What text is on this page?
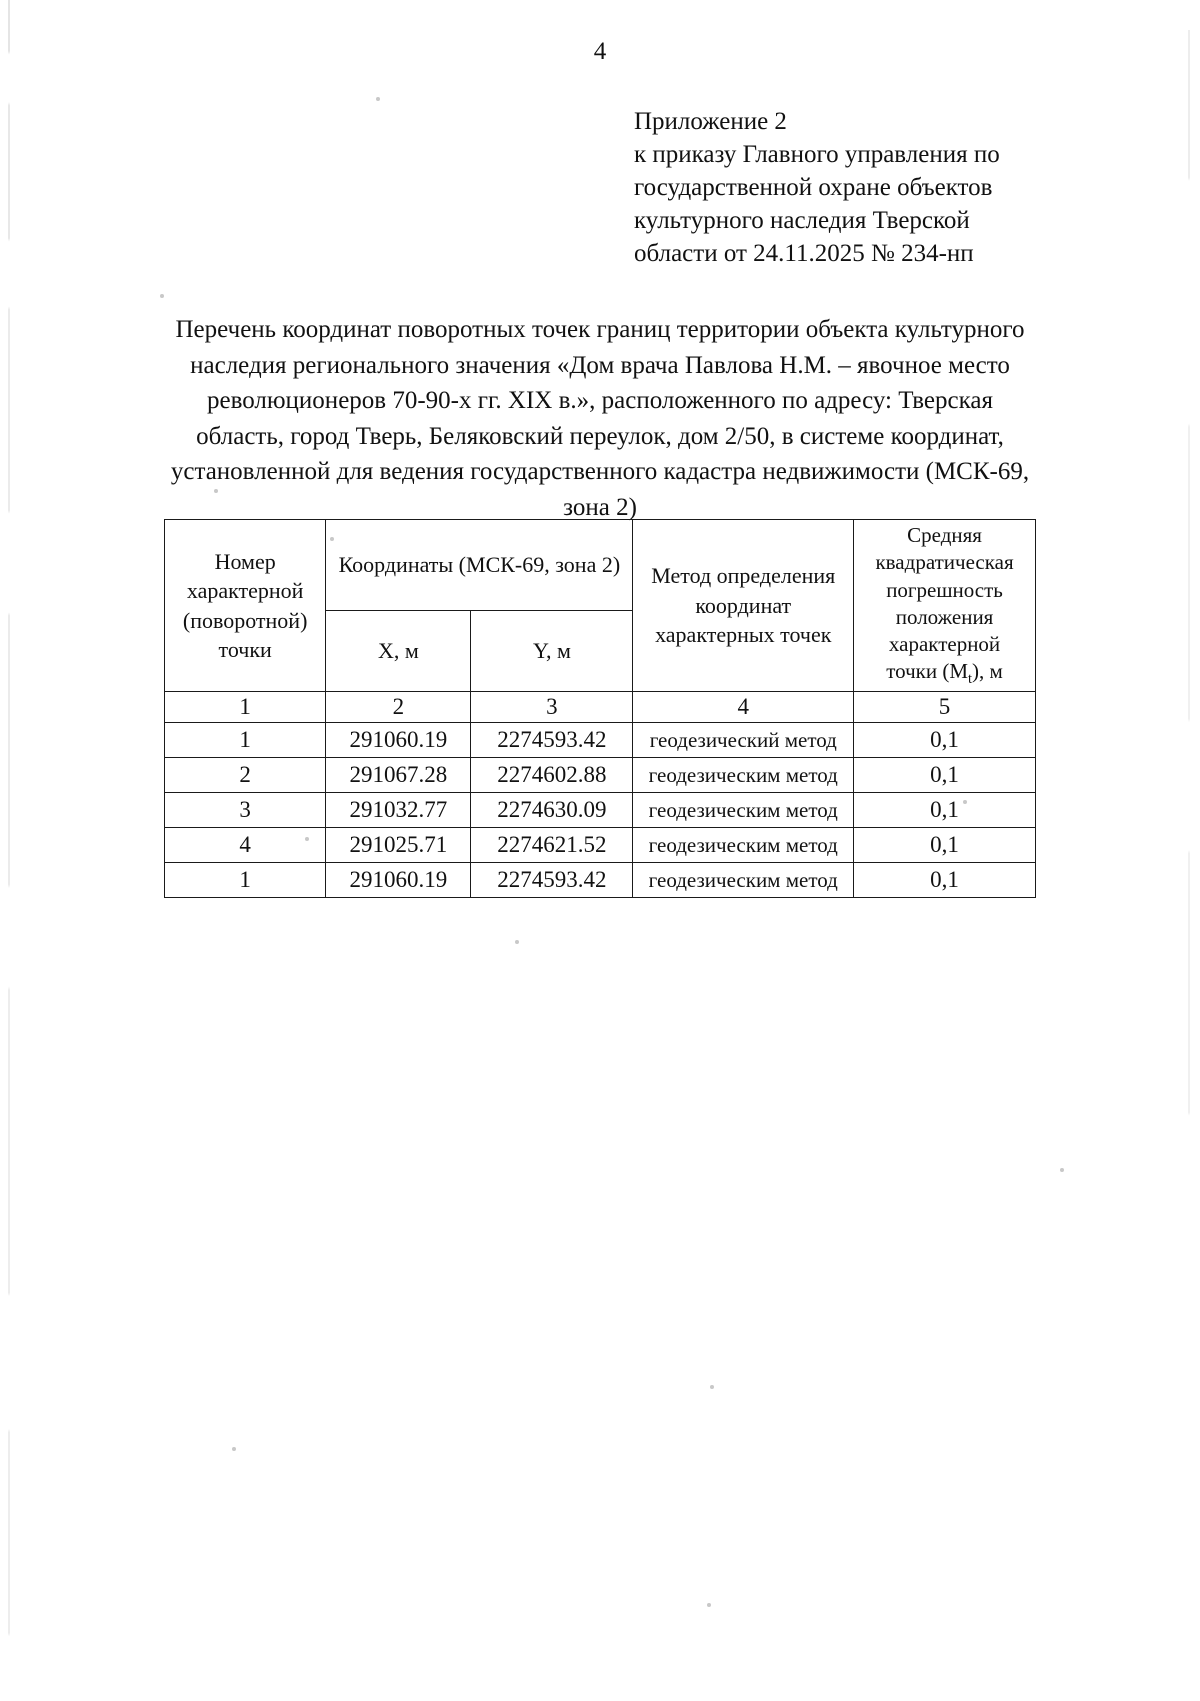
4
Приложение 2
к приказу Главного управления по
государственной охране объектов
культурного наследия Тверской
области от 24.11.2025 № 234-нп
Перечень координат поворотных точек границ территории объекта культурного наследия регионального значения «Дом врача Павлова Н.М. – явочное место революционеров 70-90-х гг. XIX в.», расположенного по адресу: Тверская область, город Тверь, Беляковский переулок, дом 2/50, в системе координат, установленной для ведения государственного кадастра недвижимости (МСК-69, зона 2)
Номер характерной (поворотной) точки	Координаты (МСК-69, зона 2)	Метод определения координат характерных точек	Средняя
квадратическая
погрешность
положения
характерной
точки $(M_t)$, м
	X, м	Y, м		
1	2	3	4	5
1	291060.19	2274593.42	геодезический метод	0,1
2	291067.28	2274602.88	геодезическим метод	0,1
3	291032.77	2274630.09	геодезическим метод	0,1
4	291025.71	2274621.52	геодезическим метод	0,1
1	291060.19	2274593.42	геодезическим метод	0,1
